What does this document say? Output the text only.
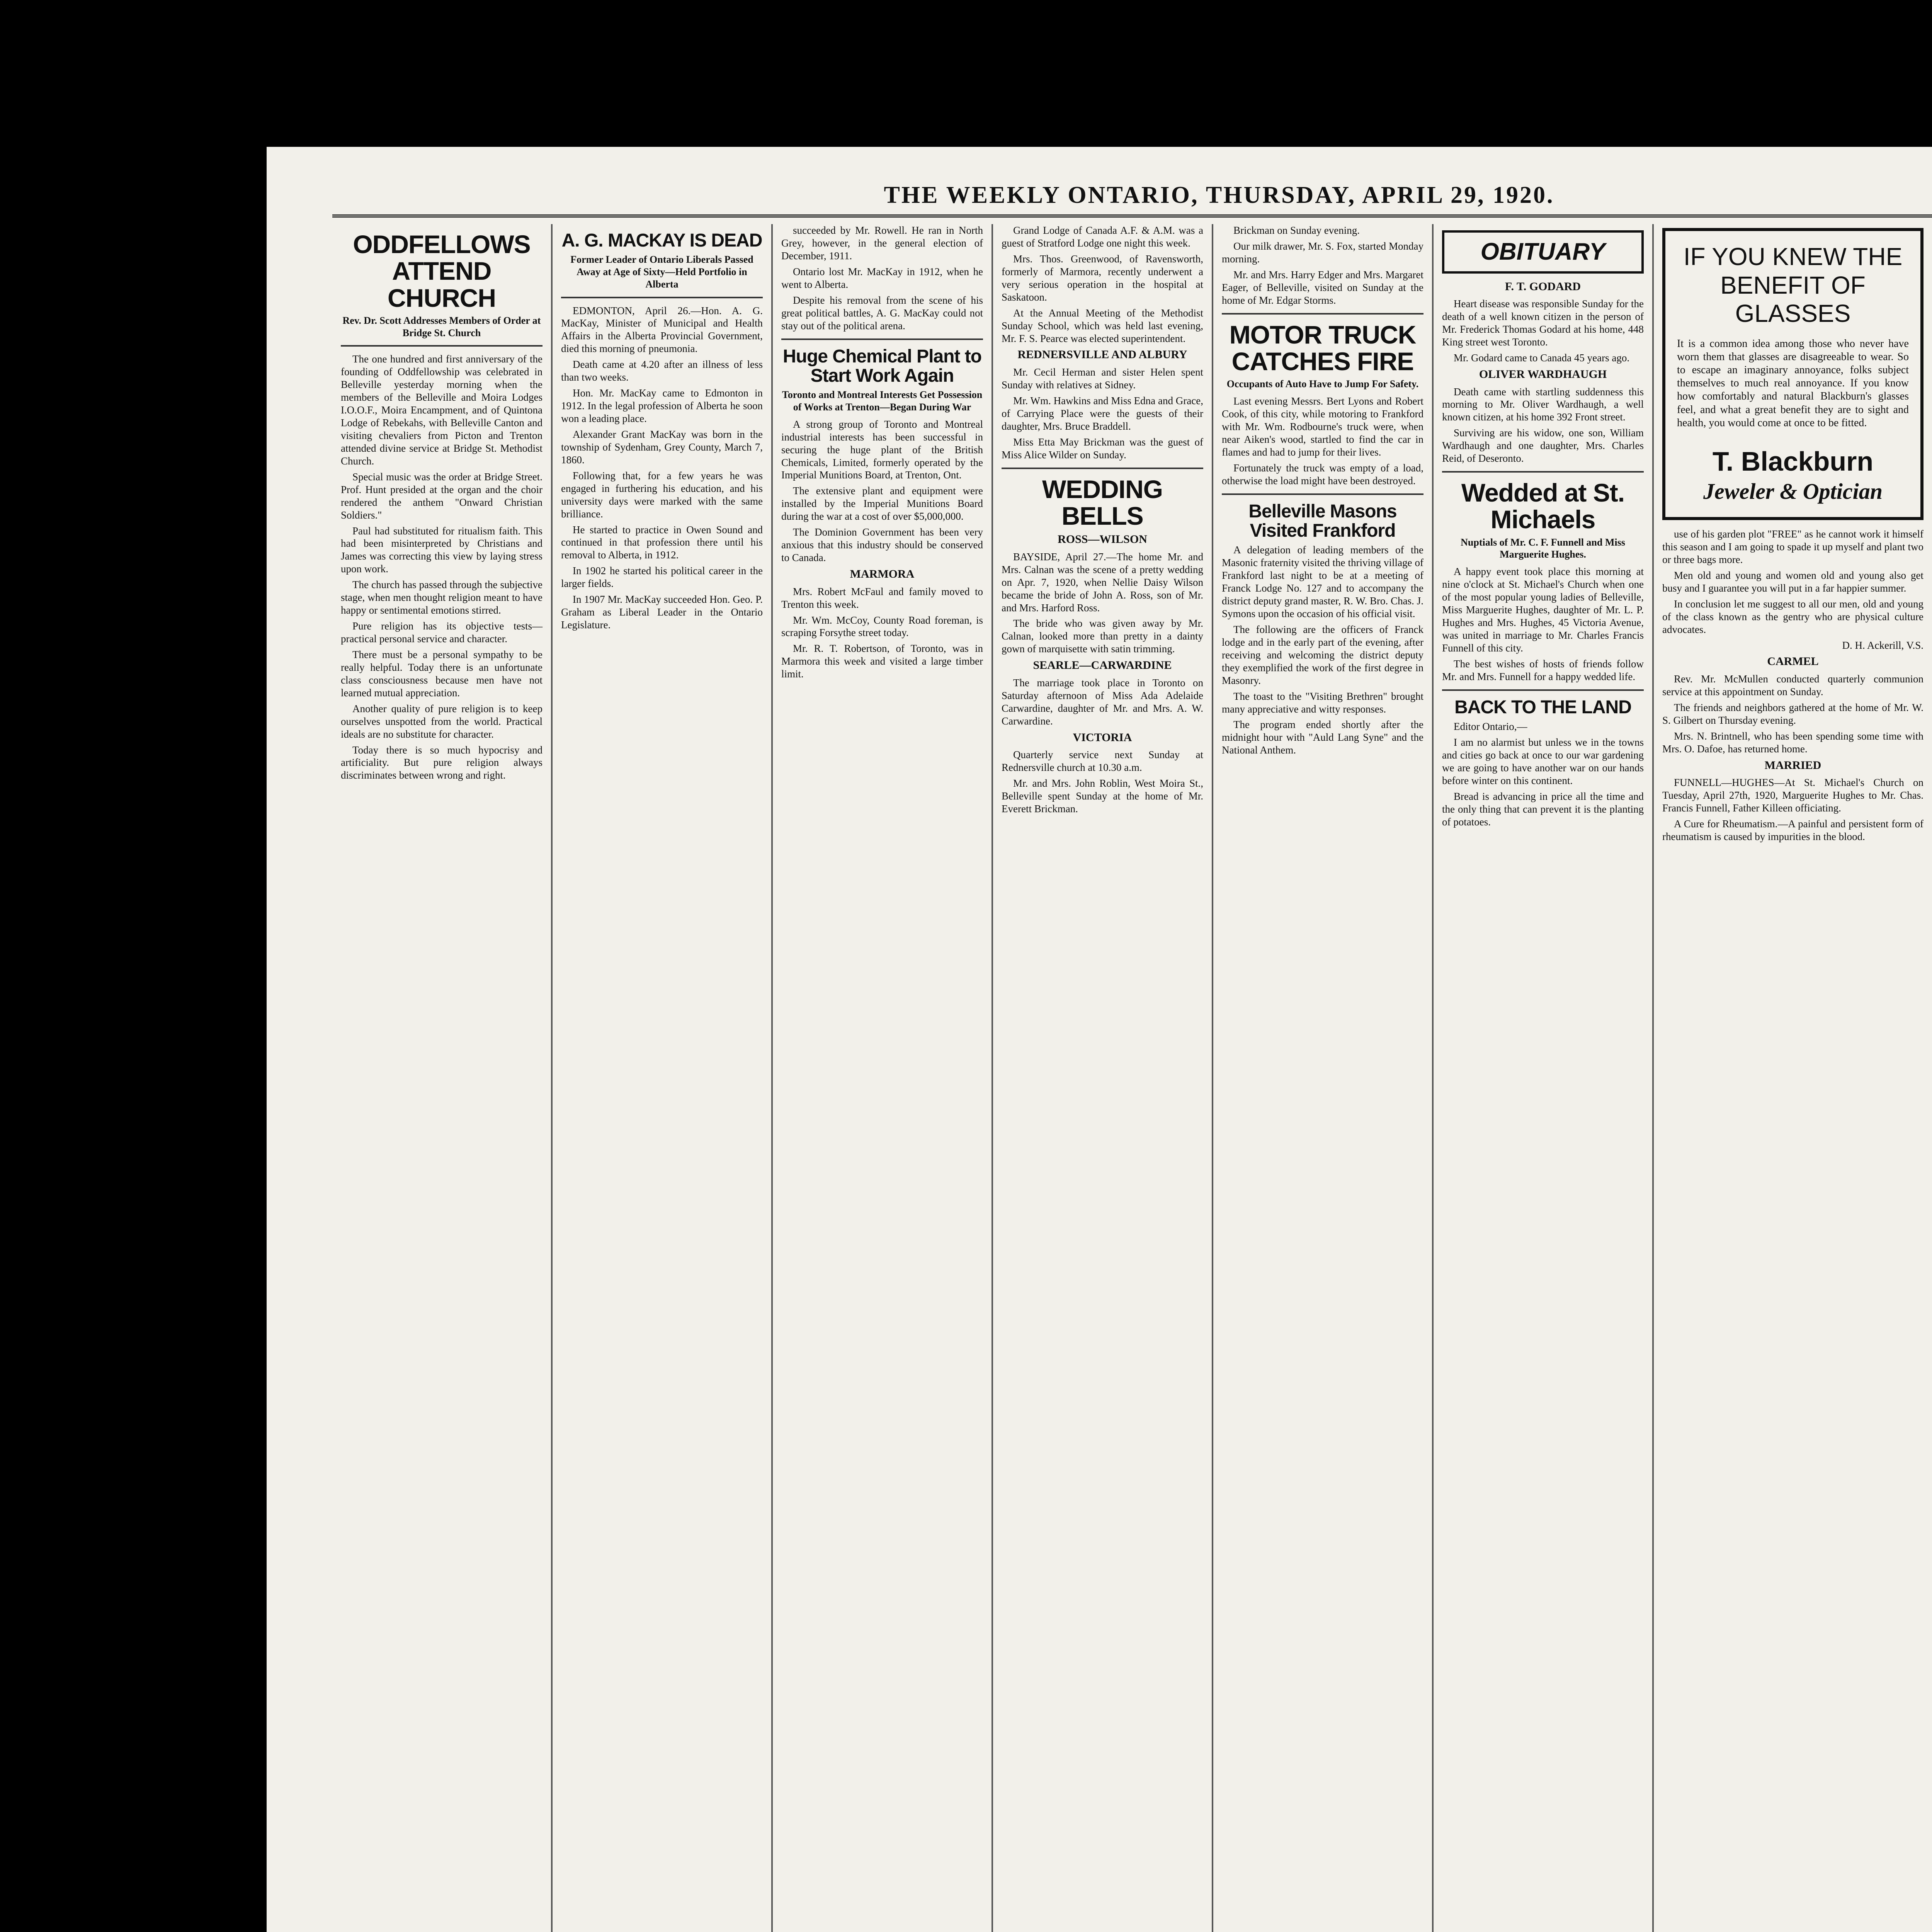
THE WEEKLY ONTARIO, THURSDAY, APRIL 29, 1920.
ODDFELLOWS ATTEND CHURCH
Rev. Dr. Scott Addresses Members of Order at Bridge St. Church

The one hundred and first anniversary of the founding of Oddfellowship was celebrated in Belleville yesterday morning when the members of the Belleville and Moira Lodges I.O.O.F., Moira Encampment, and of Quintona Lodge of Rebekahs, with Belleville Canton and visiting chevaliers from Picton and Trenton attended divine service at Bridge St. Methodist Church.

Special music was the order at Bridge Street. Prof. Hunt presided at the organ and the choir rendered the anthem "Onward Christian Soldiers."

Paul had substituted for ritualism faith. This had been misinterpreted by Christians and James was correcting this view by laying stress upon work.

The church has passed through the subjective stage, when men thought religion meant to have happy or sentimental emotions stirred.

Pure religion has its objective tests—practical personal service and character.

There must be a personal sympathy to be really helpful. Today there is an unfortunate class consciousness because men have not learned mutual appreciation.

Another quality of pure religion is to keep ourselves unspotted from the world. Practical ideals are no substitute for character.

Today there is so much hypocrisy and artificiality. But pure religion always discriminates between wrong and right.

A. G. MACKAY IS DEAD
Former Leader of Ontario Liberals Passed Away at Age of Sixty—Held Portfolio in Alberta

EDMONTON, April 26.—Hon. A. G. MacKay, Minister of Municipal and Health Affairs in the Alberta Provincial Government, died this morning of pneumonia.

Death came at 4.20 after an illness of less than two weeks.

Hon. Mr. MacKay came to Edmonton in 1912. In the legal profession of Alberta he soon won a leading place.

Alexander Grant MacKay was born in the township of Sydenham, Grey County, March 7, 1860.

Following that, for a few years he was engaged in furthering his education, and his university days were marked with the same brilliance.

He started to practice in Owen Sound and continued in that profession there until his removal to Alberta, in 1912.

In 1902 he started his political career in the larger fields.

In 1907 Mr. MacKay succeeded Hon. Geo. P. Graham as Liberal Leader in the Ontario Legislature.

succeeded by Mr. Rowell. He ran in North Grey, however, in the general election of December, 1911.

Ontario lost Mr. MacKay in 1912, when he went to Alberta.

Despite his removal from the scene of his great political battles, A. G. MacKay could not stay out of the political arena.

Huge Chemical Plant to Start Work Again
Toronto and Montreal Interests Get Possession of Works at Trenton—Began During War

A strong group of Toronto and Montreal industrial interests has been successful in securing the huge plant of the British Chemicals, Limited, formerly operated by the Imperial Munitions Board, at Trenton, Ont.

The extensive plant and equipment were installed by the Imperial Munitions Board during the war at a cost of over $5,000,000.

The Dominion Government has been very anxious that this industry should be conserved to Canada.

MARMORA

Mrs. Robert McFaul and family moved to Trenton this week.

Mr. Wm. McCoy, County Road foreman, is scraping Forsythe street today.

Mr. R. T. Robertson, of Toronto, was in Marmora this week and visited a large timber limit.

Grand Lodge of Canada A.F. & A.M. was a guest of Stratford Lodge one night this week.

Mrs. Thos. Greenwood, of Ravensworth, formerly of Marmora, recently underwent a very serious operation in the hospital at Saskatoon.

At the Annual Meeting of the Methodist Sunday School, which was held last evening, Mr. F. S. Pearce was elected superintendent.

REDNERSVILLE AND ALBURY

Mr. Cecil Herman and sister Helen spent Sunday with relatives at Sidney.

Mr. Wm. Hawkins and Miss Edna and Grace, of Carrying Place were the guests of their daughter, Mrs. Bruce Braddell.

Miss Etta May Brickman was the guest of Miss Alice Wilder on Sunday.

WEDDING BELLS
ROSS—WILSON

BAYSIDE, April 27.—The home Mr. and Mrs. Calnan was the scene of a pretty wedding on Apr. 7, 1920, when Nellie Daisy Wilson became the bride of John A. Ross, son of Mr. and Mrs. Harford Ross.

The bride who was given away by Mr. Calnan, looked more than pretty in a dainty gown of marquisette with satin trimming.

SEARLE—CARWARDINE

The marriage took place in Toronto on Saturday afternoon of Miss Ada Adelaide Carwardine, daughter of Mr. and Mrs. A. W. Carwardine.

VICTORIA

Quarterly service next Sunday at Rednersville church at 10.30 a.m.

Mr. and Mrs. John Roblin, West Moira St., Belleville spent Sunday at the home of Mr. Everett Brickman.

Brickman on Sunday evening.

Our milk drawer, Mr. S. Fox, started Monday morning.

Mr. and Mrs. Harry Edger and Mrs. Margaret Eager, of Belleville, visited on Sunday at the home of Mr. Edgar Storms.

MOTOR TRUCK CATCHES FIRE
Occupants of Auto Have to Jump For Safety.

Last evening Messrs. Bert Lyons and Robert Cook, of this city, while motoring to Frankford with Mr. Wm. Rodbourne's truck were, when near Aiken's wood, startled to find the car in flames and had to jump for their lives.

Fortunately the truck was empty of a load, otherwise the load might have been destroyed.

Belleville Masons Visited Frankford

A delegation of leading members of the Masonic fraternity visited the thriving village of Frankford last night to be at a meeting of Franck Lodge No. 127 and to accompany the district deputy grand master, R. W. Bro. Chas. J. Symons upon the occasion of his official visit.

The following are the officers of Franck lodge and in the early part of the evening, after receiving and welcoming the district deputy they exemplified the work of the first degree in Masonry.

The toast to the "Visiting Brethren" brought many appreciative and witty responses.

The program ended shortly after the midnight hour with "Auld Lang Syne" and the National Anthem.

OBITUARY
F. T. GODARD

Heart disease was responsible Sunday for the death of a well known citizen in the person of Mr. Frederick Thomas Godard at his home, 448 King street west Toronto.

Mr. Godard came to Canada 45 years ago.

OLIVER WARDHAUGH

Death came with startling suddenness this morning to Mr. Oliver Wardhaugh, a well known citizen, at his home 392 Front street.

Surviving are his widow, one son, William Wardhaugh and one daughter, Mrs. Charles Reid, of Deseronto.

Wedded at St. Michaels
Nuptials of Mr. C. F. Funnell and Miss Marguerite Hughes.

A happy event took place this morning at nine o'clock at St. Michael's Church when one of the most popular young ladies of Belleville, Miss Marguerite Hughes, daughter of Mr. L. P. Hughes and Mrs. Hughes, 45 Victoria Avenue, was united in marriage to Mr. Charles Francis Funnell of this city.

The best wishes of hosts of friends follow Mr. and Mrs. Funnell for a happy wedded life.

BACK TO THE LAND

Editor Ontario,—

I am no alarmist but unless we in the towns and cities go back at once to our war gardening we are going to have another war on our hands before winter on this continent.

Bread is advancing in price all the time and the only thing that can prevent it is the planting of potatoes.

IF YOU KNEW THE BENEFIT OF GLASSES
It is a common idea among those who never have worn them that glasses are disagreeable to wear. So to escape an imaginary annoyance, folks subject themselves to much real annoyance. If you know how comfortably and natural Blackburn's glasses feel, and what a great benefit they are to sight and health, you would come at once to be fitted.
T. Blackburn
Jeweler & Optician

use of his garden plot "FREE" as he cannot work it himself this season and I am going to spade it up myself and plant two or three bags more.

Men old and young and women old and young also get busy and I guarantee you will put in a far happier summer.

In conclusion let me suggest to all our men, old and young of the class known as the gentry who are physical culture advocates.

D. H. Ackerill, V.S.
CARMEL

Rev. Mr. McMullen conducted quarterly communion service at this appointment on Sunday.

The friends and neighbors gathered at the home of Mr. W. S. Gilbert on Thursday evening.

Mrs. N. Brintnell, who has been spending some time with Mrs. O. Dafoe, has returned home.

MARRIED

FUNNELL—HUGHES—At St. Michael's Church on Tuesday, April 27th, 1920, Marguerite Hughes to Mr. Chas. Francis Funnell, Father Killeen officiating.

A Cure for Rheumatism.—A painful and persistent form of rheumatism is caused by impurities in the blood.
